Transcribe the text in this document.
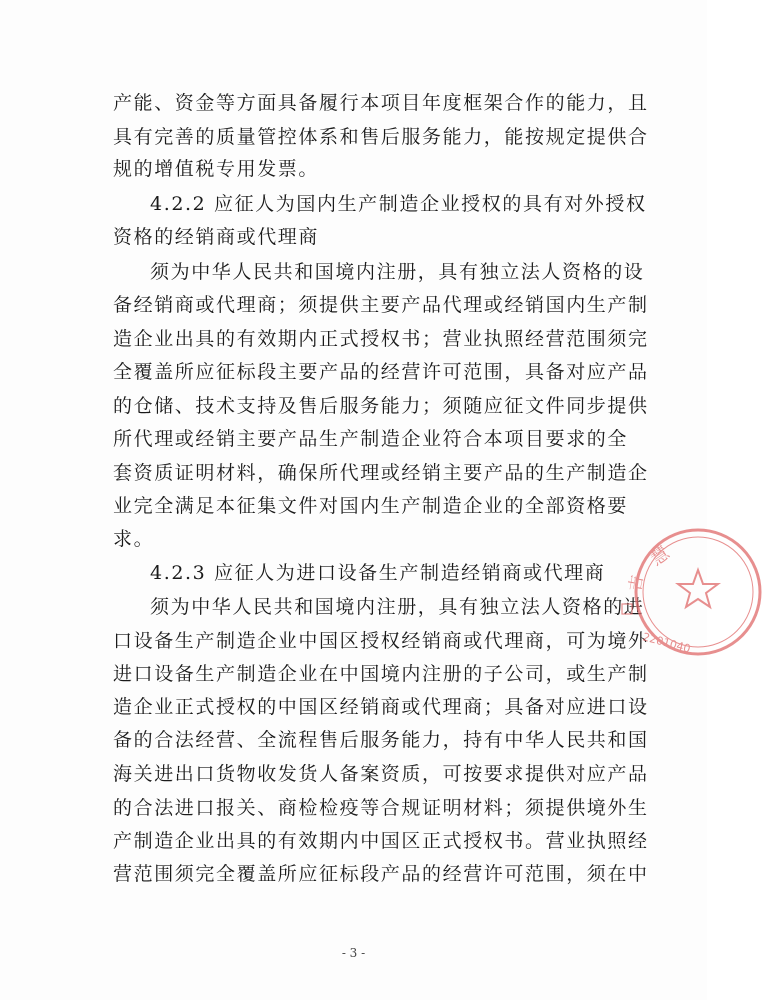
产能、资金等方面具备履行本项目年度框架合作的能力，且
具有完善的质量管控体系和售后服务能力，能按规定提供合
规的增值税专用发票。
4.2.2 应征人为国内生产制造企业授权的具有对外授权
资格的经销商或代理商
须为中华人民共和国境内注册，具有独立法人资格的设
备经销商或代理商；须提供主要产品代理或经销国内生产制
造企业出具的有效期内正式授权书；营业执照经营范围须完
全覆盖所应征标段主要产品的经营许可范围，具备对应产品
的仓储、技术支持及售后服务能力；须随应征文件同步提供
所代理或经销主要产品生产制造企业符合本项目要求的全
套资质证明材料，确保所代理或经销主要产品的生产制造企
业完全满足本征集文件对国内生产制造企业的全部资格要
求。
4.2.3 应征人为进口设备生产制造经销商或代理商
须为中华人民共和国境内注册，具有独立法人资格的进
口设备生产制造企业中国区授权经销商或代理商，可为境外
进口设备生产制造企业在中国境内注册的子公司，或生产制
造企业正式授权的中国区经销商或代理商；具备对应进口设
备的合法经营、全流程售后服务能力，持有中华人民共和国
海关进出口货物收发货人备案资质，可按要求提供对应产品
的合法进口报关、商检检疫等合规证明材料；须提供境外生
产制造企业出具的有效期内中国区正式授权书。营业执照经
营范围须完全覆盖所应征标段产品的经营许可范围，须在中
- 3 -
慧
吉
2201040
